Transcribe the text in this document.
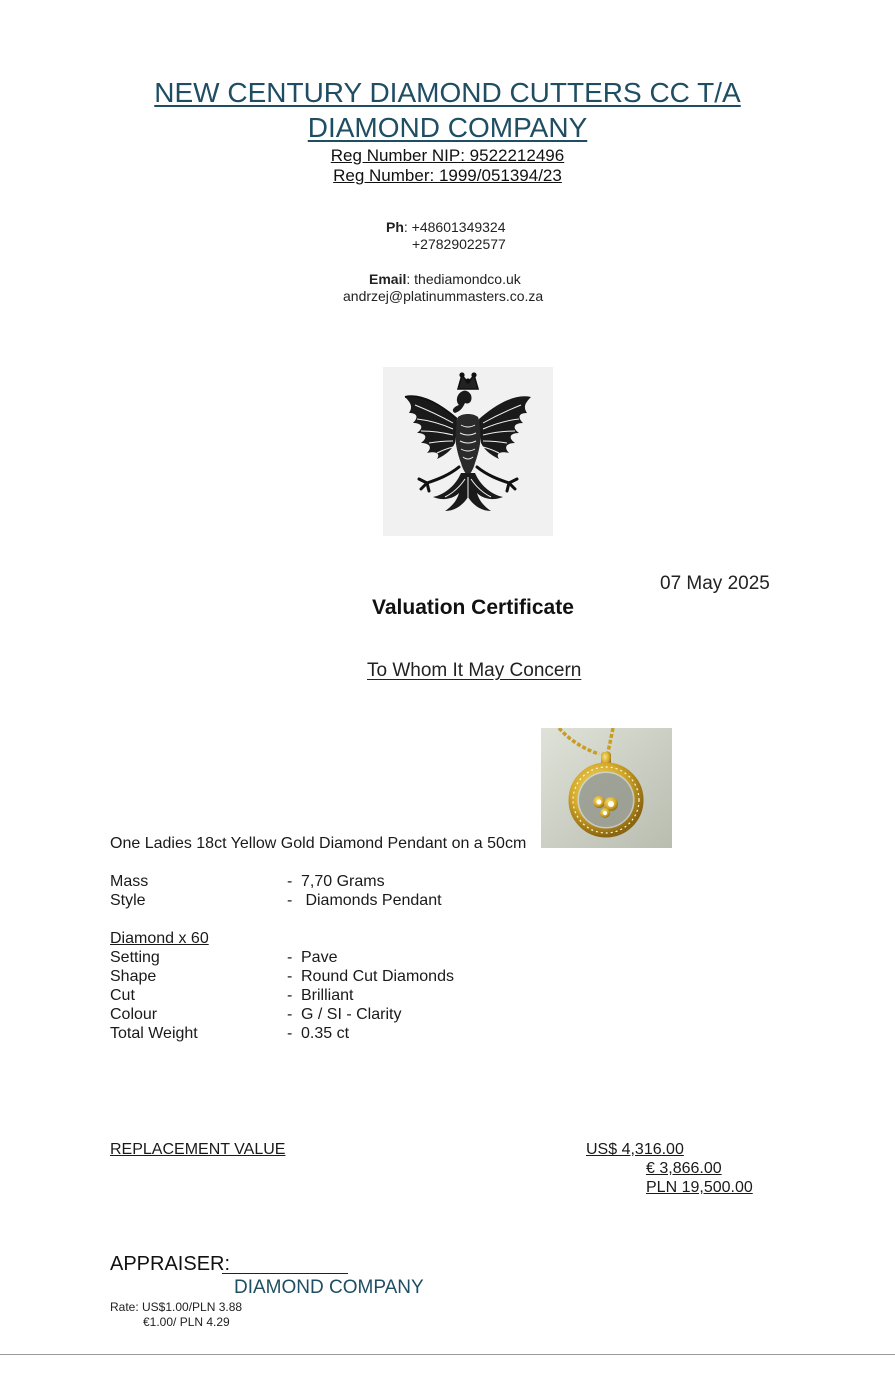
NEW CENTURY DIAMOND CUTTERS CC T/A
DIAMOND COMPANY
Reg Number NIP: 9522212496
Reg Number: 1999/051394/23
Ph: +48601349324
+27829022577
Email: thediamondco.uk
andrzej@platinummasters.co.za
07 May 2025
Valuation Certificate
To Whom It May Concern
One Ladies 18ct Yellow Gold Diamond Pendant on a 50cm
Mass	- 7,70 Grams
Style	- Diamonds Pendant
Diamond x 60
Setting	- Pave
Shape	- Round Cut Diamonds
Cut	- Brilliant
Colour	- G / SI - Clarity
Total Weight	- 0.35 ct
REPLACEMENT VALUE	US$ 4,316.00
€ 3,866.00
PLN 19,500.00
APPRAISER:
DIAMOND COMPANY
Rate: US$1.00/PLN 3.88
€1.00/ PLN 4.29
